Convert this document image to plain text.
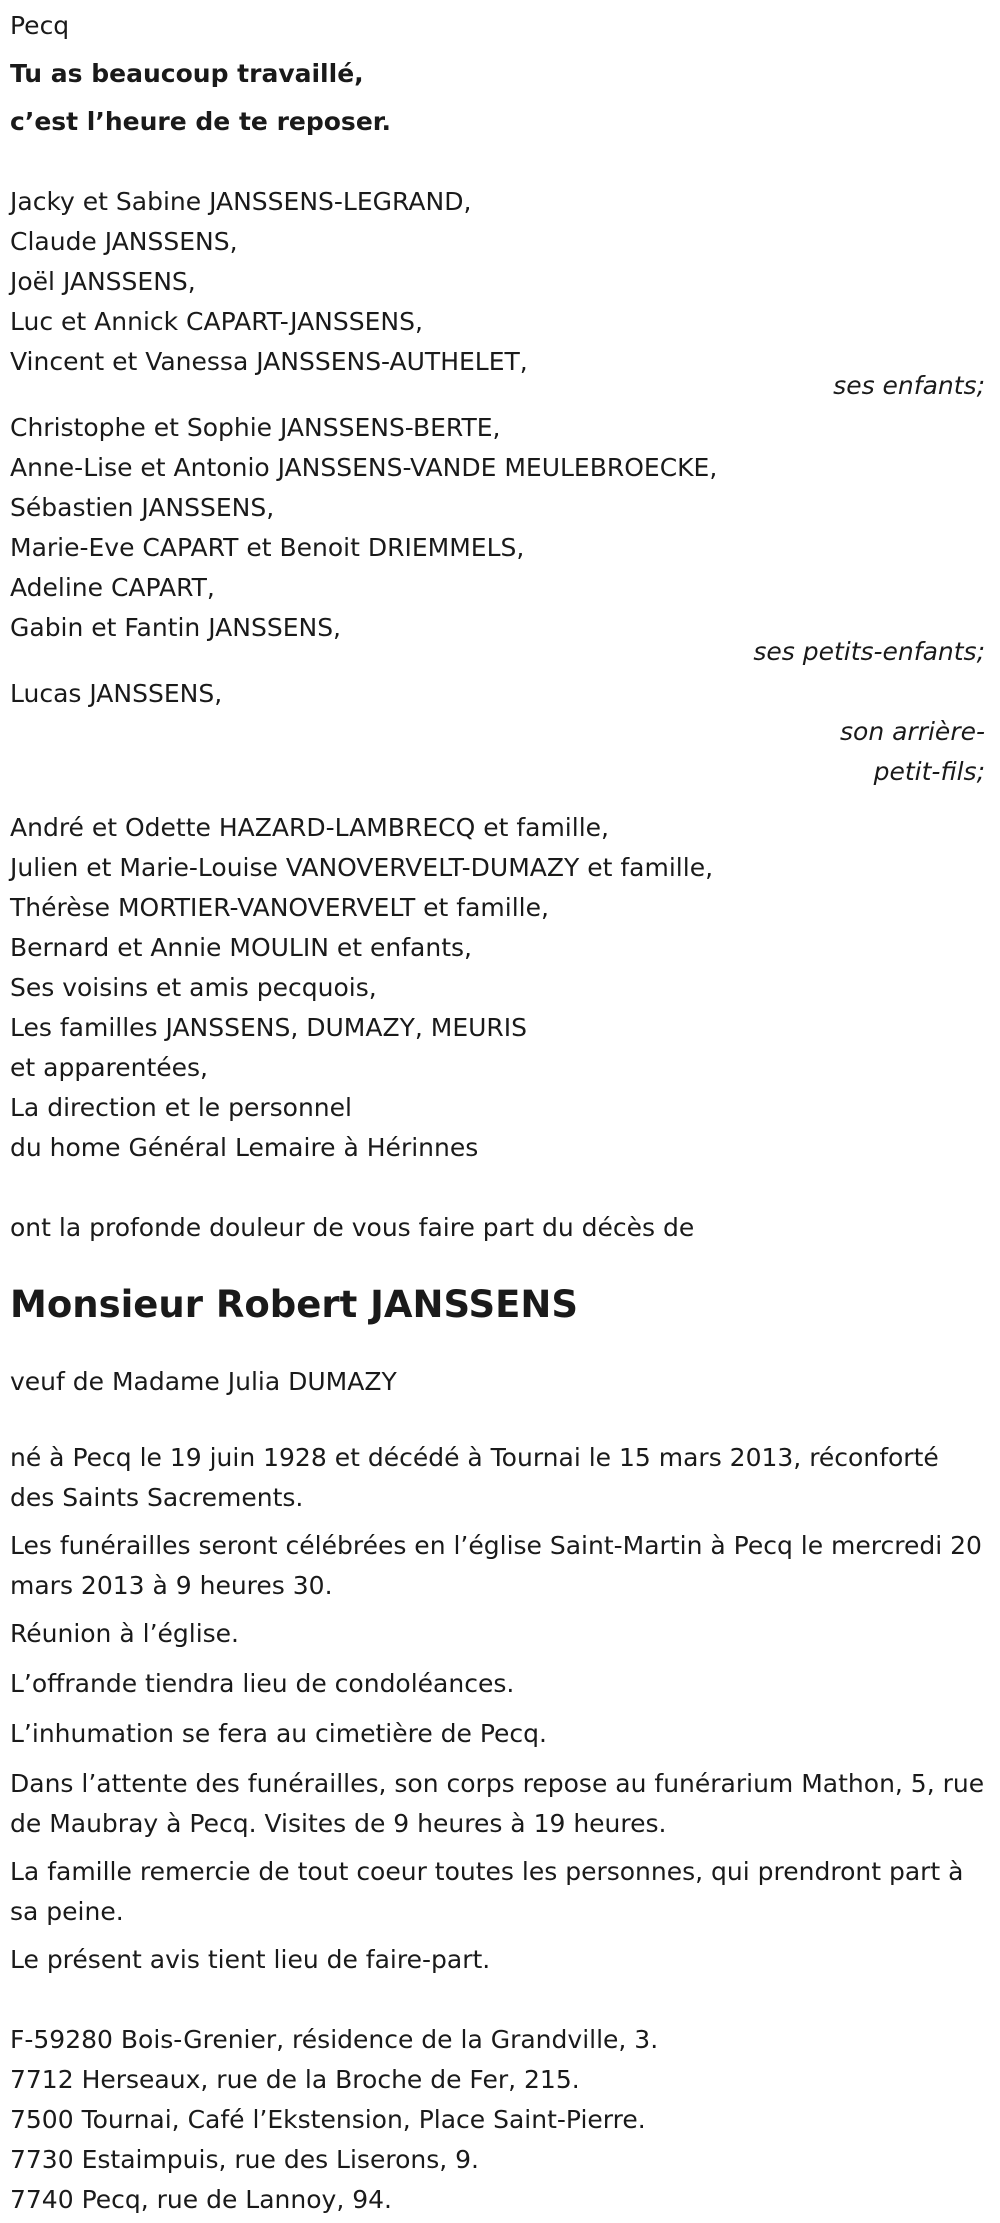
Pecq
Tu as beaucoup travaillé,
c’est l’heure de te reposer.
Jacky et Sabine JANSSENS-LEGRAND,
Claude JANSSENS,
Joël JANSSENS,
Luc et Annick CAPART-JANSSENS,
Vincent et Vanessa JANSSENS-AUTHELET,
ses enfants;
Christophe et Sophie JANSSENS-BERTE,
Anne-Lise et Antonio JANSSENS-VANDE MEULEBROECKE,
Sébastien JANSSENS,
Marie-Eve CAPART et Benoit DRIEMMELS,
Adeline CAPART,
Gabin et Fantin JANSSENS,
ses petits-enfants;
Lucas JANSSENS,
son arrière-
petit-fils;
André et Odette HAZARD-LAMBRECQ et famille,
Julien et Marie-Louise VANOVERVELT-DUMAZY et famille,
Thérèse MORTIER-VANOVERVELT et famille,
Bernard et Annie MOULIN et enfants,
Ses voisins et amis pecquois,
Les familles JANSSENS, DUMAZY, MEURIS
et apparentées,
La direction et le personnel
du home Général Lemaire à Hérinnes
ont la profonde douleur de vous faire part du décès de
Monsieur Robert JANSSENS
veuf de Madame Julia DUMAZY
né à Pecq le 19 juin 1928 et décédé à Tournai le 15 mars 2013, réconforté des Saints Sacrements.
Les funérailles seront célébrées en l’église Saint-Martin à Pecq le mercredi 20 mars 2013 à 9 heures 30.
Réunion à l’église.
L’offrande tiendra lieu de condoléances.
L’inhumation se fera au cimetière de Pecq.
Dans l’attente des funérailles, son corps repose au funérarium Mathon, 5, rue de Maubray à Pecq. Visites de 9 heures à 19 heures.
La famille remercie de tout coeur toutes les personnes, qui prendront part à sa peine.
Le présent avis tient lieu de faire-part.
F-59280 Bois-Grenier, résidence de la Grandville, 3.
7712 Herseaux, rue de la Broche de Fer, 215.
7500 Tournai, Café l’Ekstension, Place Saint-Pierre.
7730 Estaimpuis, rue des Liserons, 9.
7740 Pecq, rue de Lannoy, 94.
